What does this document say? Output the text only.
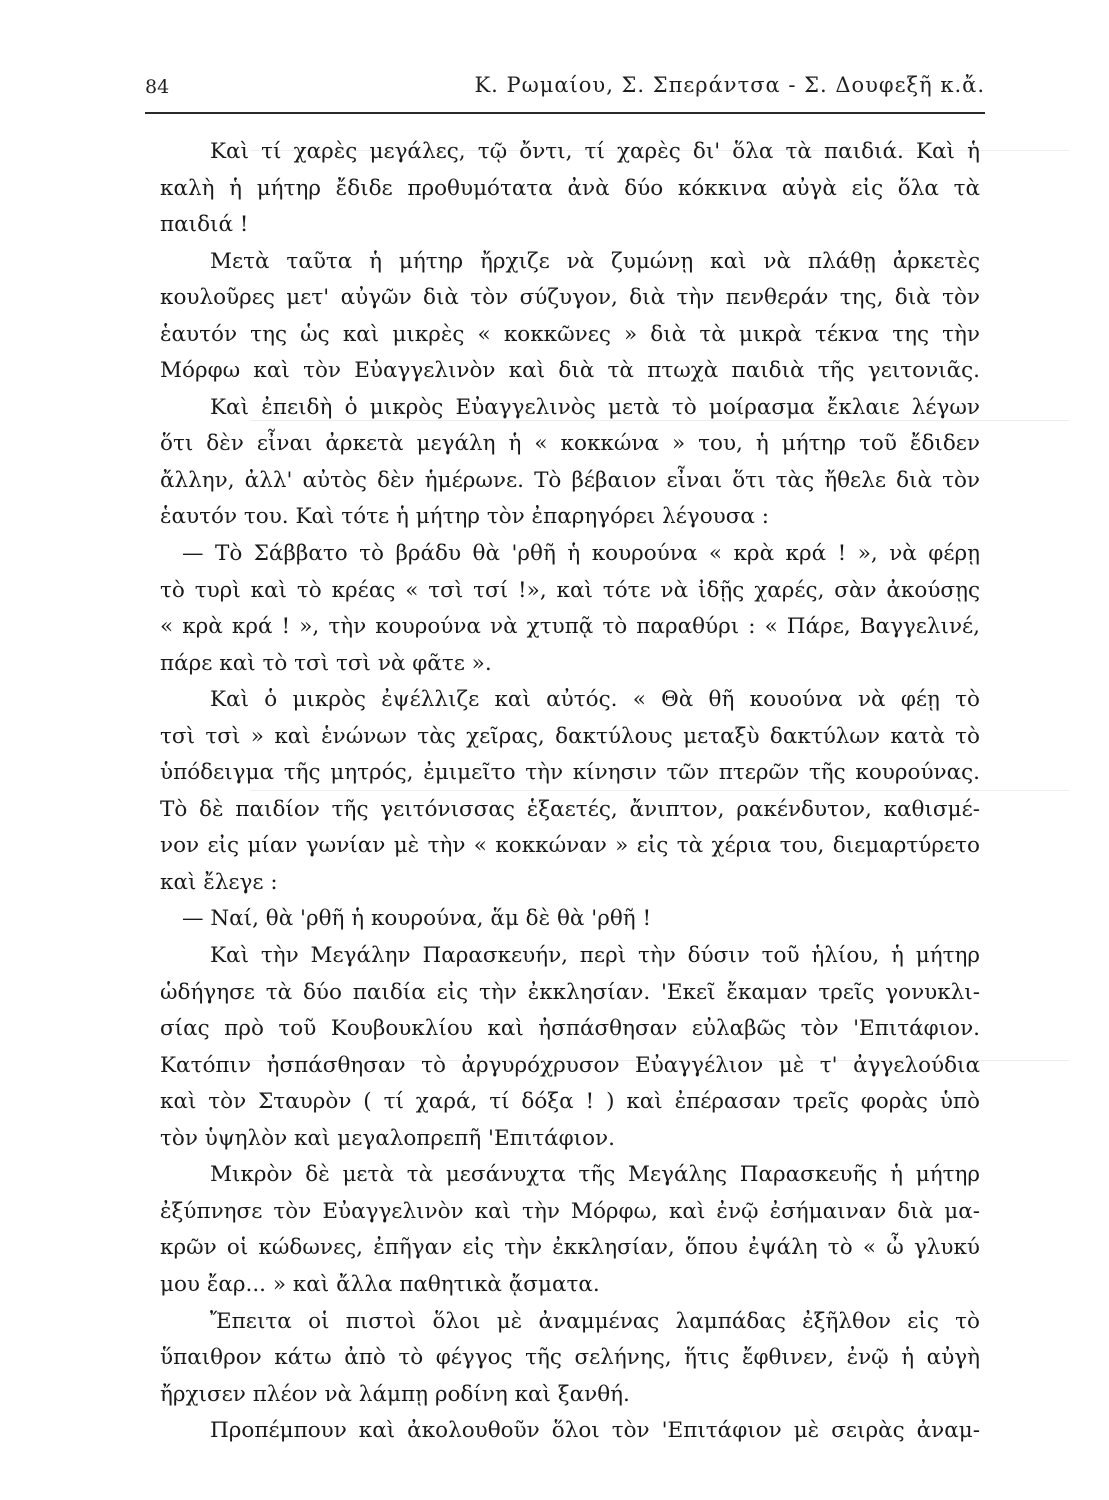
84	Κ. Ρωμαίου, Σ. Σπεράντσα - Σ. Δουφεξῆ κ.ἄ.
Καὶ τί χαρὲς μεγάλες, τῷ ὄντι, τί χαρὲς δι' ὅλα τὰ παιδιά. Καὶ ἡ
καλὴ ἡ μήτηρ ἔδιδε προθυμότατα ἀνὰ δύο κόκκινα αὐγὰ εἰς ὅλα τὰ
παιδιά !
Μετὰ ταῦτα ἡ μήτηρ ἤρχιζε νὰ ζυμώνῃ καὶ νὰ πλάθῃ ἀρκετὲς
κουλοῦρες μετ' αὐγῶν διὰ τὸν σύζυγον, διὰ τὴν πενθεράν της, διὰ τὸν
ἑαυτόν της ὡς καὶ μικρὲς « κοκκῶνες » διὰ τὰ μικρὰ τέκνα της τὴν
Μόρφω καὶ τὸν Εὐαγγελινὸν καὶ διὰ τὰ πτωχὰ παιδιὰ τῆς γειτονιᾶς.
Καὶ ἐπειδὴ ὁ μικρὸς Εὐαγγελινὸς μετὰ τὸ μοίρασμα ἔκλαιε λέγων
ὅτι δὲν εἶναι ἀρκετὰ μεγάλη ἡ « κοκκώνα » του, ἡ μήτηρ τοῦ ἔδιδεν
ἄλλην, ἀλλ' αὐτὸς δὲν ἡμέρωνε. Τὸ βέβαιον εἶναι ὅτι τὰς ἤθελε διὰ τὸν
ἑαυτόν του. Καὶ τότε ἡ μήτηρ τὸν ἐπαρηγόρει λέγουσα :
— Τὸ Σάββατο τὸ βράδυ θὰ 'ρθῆ ἡ κουρούνα « κρὰ κρά ! », νὰ φέρῃ
τὸ τυρὶ καὶ τὸ κρέας « τσὶ τσί !», καὶ τότε νὰ ἰδῇς χαρές, σὰν ἀκούσῃς
« κρὰ κρά ! », τὴν κουρούνα νὰ χτυπᾷ τὸ παραθύρι : « Πάρε, Βαγγελινέ,
πάρε καὶ τὸ τσὶ τσὶ νὰ φᾶτε ».
Καὶ ὁ μικρὸς ἐψέλλιζε καὶ αὐτός. « Θὰ θῆ κουούνα νὰ φέῃ τὸ
τσὶ τσὶ » καὶ ἑνώνων τὰς χεῖρας, δακτύλους μεταξὺ δακτύλων κατὰ τὸ
ὑπόδειγμα τῆς μητρός, ἐμιμεῖτο τὴν κίνησιν τῶν πτερῶν τῆς κουρούνας.
Τὸ δὲ παιδίον τῆς γειτόνισσας ἑξαετές, ἄνιπτον, ρακένδυτον, καθισμέ-
νον εἰς μίαν γωνίαν μὲ τὴν « κοκκώναν » εἰς τὰ χέρια του, διεμαρτύρετο
καὶ ἔλεγε :
— Ναί, θὰ 'ρθῆ ἡ κουρούνα, ἅμ δὲ θὰ 'ρθῆ !
Καὶ τὴν Μεγάλην Παρασκευήν, περὶ τὴν δύσιν τοῦ ἡλίου, ἡ μήτηρ
ὡδήγησε τὰ δύο παιδία εἰς τὴν ἐκκλησίαν. 'Εκεῖ ἔκαμαν τρεῖς γονυκλι-
σίας πρὸ τοῦ Κουβουκλίου καὶ ἠσπάσθησαν εὐλαβῶς τὸν 'Επιτάφιον.
Κατόπιν ἠσπάσθησαν τὸ ἀργυρόχρυσον Εὐαγγέλιον μὲ τ' ἀγγελούδια
καὶ τὸν Σταυρὸν ( τί χαρά, τί δόξα ! ) καὶ ἐπέρασαν τρεῖς φορὰς ὑπὸ
τὸν ὑψηλὸν καὶ μεγαλοπρεπῆ 'Επιτάφιον.
Μικρὸν δὲ μετὰ τὰ μεσάνυχτα τῆς Μεγάλης Παρασκευῆς ἡ μήτηρ
ἐξύπνησε τὸν Εὐαγγελινὸν καὶ τὴν Μόρφω, καὶ ἐνῷ ἐσήμαιναν διὰ μα-
κρῶν οἱ κώδωνες, ἐπῆγαν εἰς τὴν ἐκκλησίαν, ὅπου ἐψάλη τὸ « ὦ γλυκύ
μου ἔαρ... » καὶ ἄλλα παθητικὰ ᾄσματα.
Ἔπειτα οἱ πιστοὶ ὅλοι μὲ ἀναμμένας λαμπάδας ἐξῆλθον εἰς τὸ
ὕπαιθρον κάτω ἀπὸ τὸ φέγγος τῆς σελήνης, ἥτις ἔφθινεν, ἐνῷ ἡ αὐγὴ
ἤρχισεν πλέον νὰ λάμπῃ ροδίνη καὶ ξανθή.
Προπέμπουν καὶ ἀκολουθοῦν ὅλοι τὸν 'Επιτάφιον μὲ σειρὰς ἀναμ-
